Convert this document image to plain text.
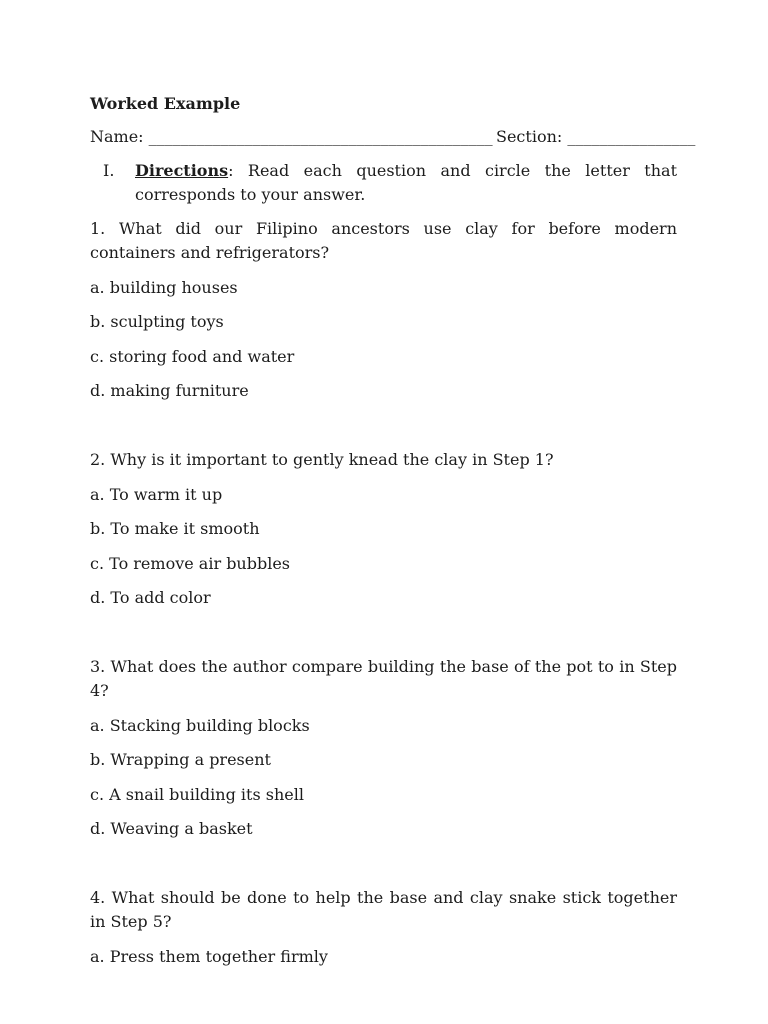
Worked Example
Name: ___________________________________________ Section: ________________
I. Directions: Read each question and circle the letter that corresponds to your answer.
1. What did our Filipino ancestors use clay for before modern containers and refrigerators?
a. building houses
b. sculpting toys
c. storing food and water
d. making furniture
2. Why is it important to gently knead the clay in Step 1?
a. To warm it up
b. To make it smooth
c. To remove air bubbles
d. To add color
3. What does the author compare building the base of the pot to in Step 4?
a. Stacking building blocks
b. Wrapping a present
c. A snail building its shell
d. Weaving a basket
4. What should be done to help the base and clay snake stick together in Step 5?
a. Press them together firmly
